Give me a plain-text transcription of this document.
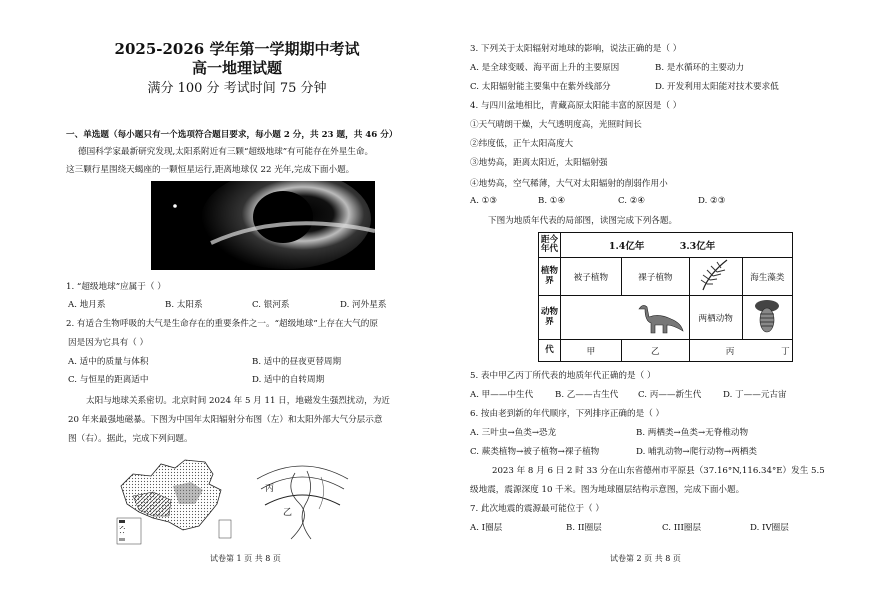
2025-2026 学年第一学期期中考试
高一地理试题
满分 100 分 考试时间 75 分钟
一、单选题（每小题只有一个选项符合题目要求，每小题 2 分，共 23 题，共 46 分）
德国科学家最新研究发现,太阳系附近有三颗“超级地球”有可能存在外星生命。
这三颗行星围绕天蝎座的一颗恒星运行,距离地球仅 22 光年,完成下面小题。
1. “超级地球”应属于（ ）
A. 地月系	B. 太阳系	C. 银河系	D. 河外星系
2. 有适合生物呼吸的大气是生命存在的重要条件之一。“超级地球”上存在大气的原
因是因为它具有（ ）
A. 适中的质量与体积	B. 适中的昼夜更替周期
C. 与恒星的距离适中	D. 适中的自转周期
太阳与地球关系密切。北京时间 2024 年 5 月 11 日，地磁发生强烈扰动，为近
20 年来最强地磁暴。下图为中国年太阳辐射分布图（左）和太阳外部大气分层示意
图（右）。据此，完成下列问题。
丙
乙
试卷第 1 页 共 8 页
3. 下列关于太阳辐射对地球的影响，说法正确的是（ ）
A. 是全球变暖、海平面上升的主要原因	B. 是水循环的主要动力
C. 太阳辐射能主要集中在紫外线部分	D. 开发利用太阳能对技术要求低
4. 与四川盆地相比，青藏高原太阳能丰富的原因是（ ）
①天气晴朗干燥，大气透明度高，光照时间长
②纬度低，正午太阳高度大
③地势高，距离太阳近，太阳辐射强
④地势高，空气稀薄，大气对太阳辐射的削弱作用小
A. ①③	B. ①④	C. ②④	D. ②③
下图为地质年代表的局部图，读图完成下列各题。
距今年代	1.4亿年 3.3亿年			
植物界	被子植物	裸子植物		海生藻类
动物界			两栖动物	
代	甲	乙	丙 丁	
5. 表中甲乙丙丁所代表的地质年代正确的是（ ）
A. 甲——中生代	B. 乙——古生代 C. 丙——新生代	D. 丁——元古宙
6. 按由老到新的年代顺序，下列排序正确的是（ ）
A. 三叶虫→鱼类→恐龙	B. 两栖类→鱼类→无脊椎动物
C. 蕨类植物→被子植物→裸子植物	D. 哺乳动物→爬行动物→两栖类
2023 年 8 月 6 日 2 时 33 分在山东省德州市平原县（37.16°N,116.34°E）发生 5.5
级地震，震源深度 10 千米。图为地球圈层结构示意图，完成下面小题。
7. 此次地震的震源最可能位于（ ）
A. I圈层	B. II圈层	C. III圈层	D. IV圈层
试卷第 2 页 共 8 页
